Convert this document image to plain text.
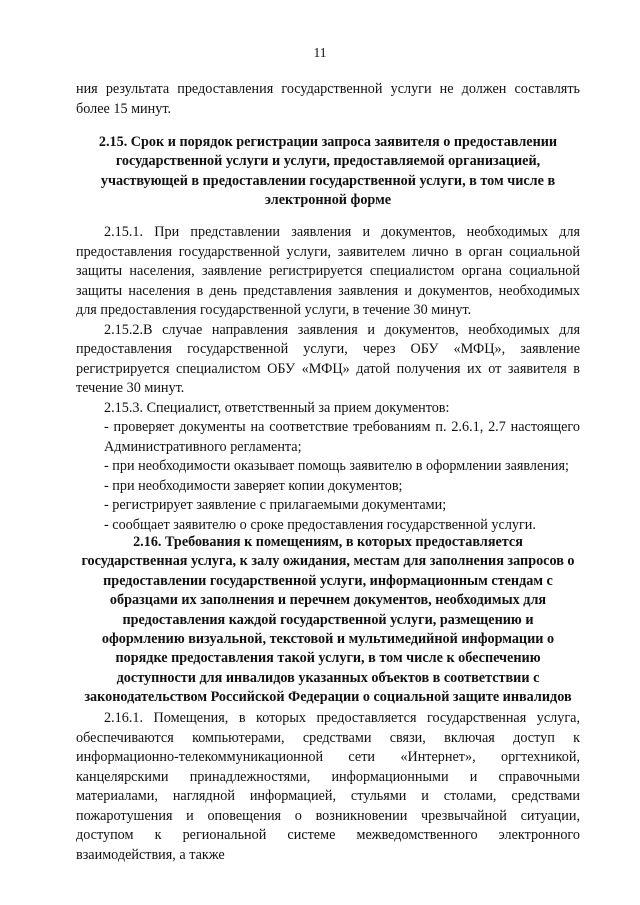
11

ния результата предоставления государственной услуги не должен составлять более 15 минут.

2.15. Срок и порядок регистрации запроса заявителя о предоставлении государственной услуги и услуги, предоставляемой организацией, участвующей в предоставлении государственной услуги, в том числе в электронной форме

2.15.1. При представлении заявления и документов, необходимых для предоставления государственной услуги, заявителем лично в орган социальной защиты населения, заявление регистрируется специалистом органа социальной защиты населения в день представления заявления и документов, необходимых для предоставления государственной услуги, в течение 30 минут.

2.15.2.В случае направления заявления и документов, необходимых для предоставления государственной услуги, через ОБУ «МФЦ», заявление регистрируется специалистом ОБУ «МФЦ» датой получения их от заявителя в течение 30 минут.

2.15.3. Специалист, ответственный за прием документов:

- проверяет документы на соответствие требованиям п. 2.6.1, 2.7 настоящего Административного регламента;

- при необходимости оказывает помощь заявителю в оформлении заявления;

- при необходимости заверяет копии документов;

- регистрирует заявление с прилагаемыми документами;

- сообщает заявителю о сроке предоставления государственной услуги.

2.16. Требования к помещениям, в которых предоставляется государственная услуга, к залу ожидания, местам для заполнения запросов о предоставлении государственной услуги, информационным стендам с образцами их заполнения и перечнем документов, необходимых для предоставления каждой государственной услуги, размещению и оформлению визуальной, текстовой и мультимедийной информации о порядке предоставления такой услуги, в том числе к обеспечению доступности для инвалидов указанных объектов в соответствии с законодательством Российской Федерации о социальной защите инвалидов

2.16.1. Помещения, в которых предоставляется государственная услуга, обеспечиваются компьютерами, средствами связи, включая доступ к информационно-телекоммуникационной сети «Интернет», оргтехникой, канцелярскими принадлежностями, информационными и справочными материалами, наглядной информацией, стульями и столами, средствами пожаротушения и оповещения о возникновении чрезвычайной ситуации, доступом к региональной системе межведомственного электронного взаимодействия, а также
